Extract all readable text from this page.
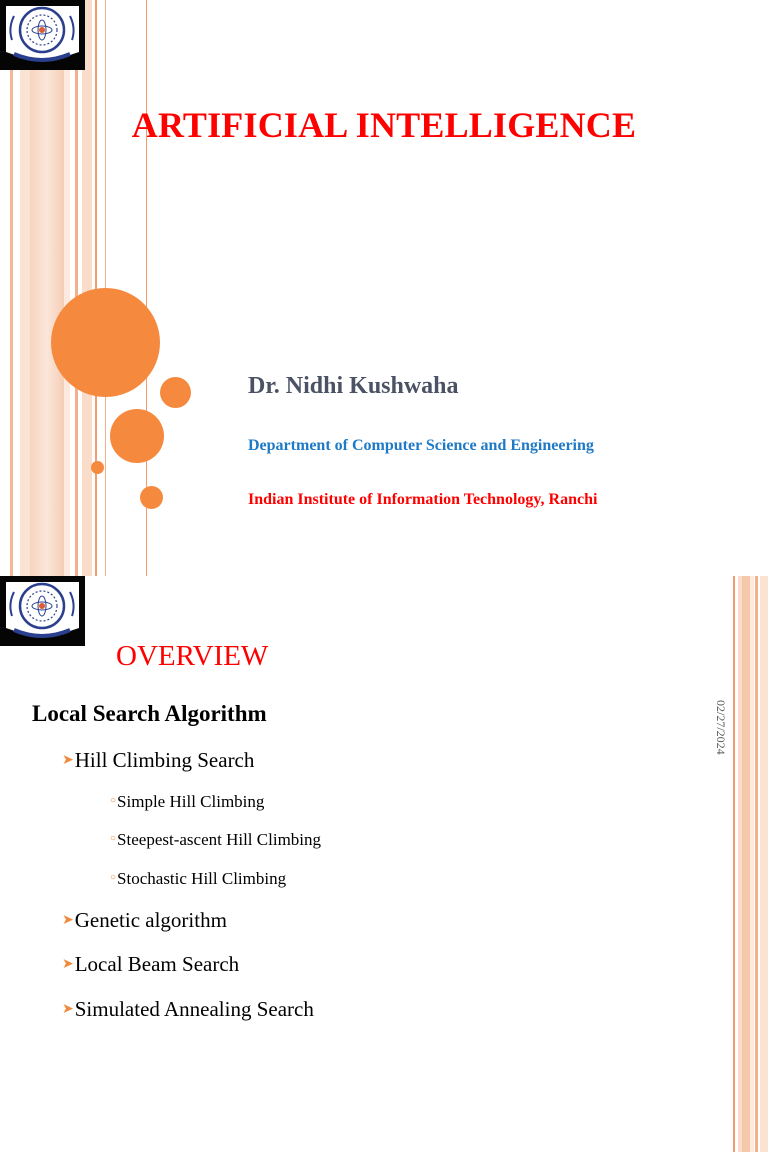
ARTIFICIAL INTELLIGENCE
Dr. Nidhi Kushwaha
Department of Computer Science and Engineering
Indian Institute of Information Technology, Ranchi
OVERVIEW
02/27/2024
Local Search Algorithm
➤Hill Climbing Search
○Simple Hill Climbing
○Steepest-ascent Hill Climbing
○Stochastic Hill Climbing
➤Genetic algorithm
➤Local Beam Search
➤Simulated Annealing Search
